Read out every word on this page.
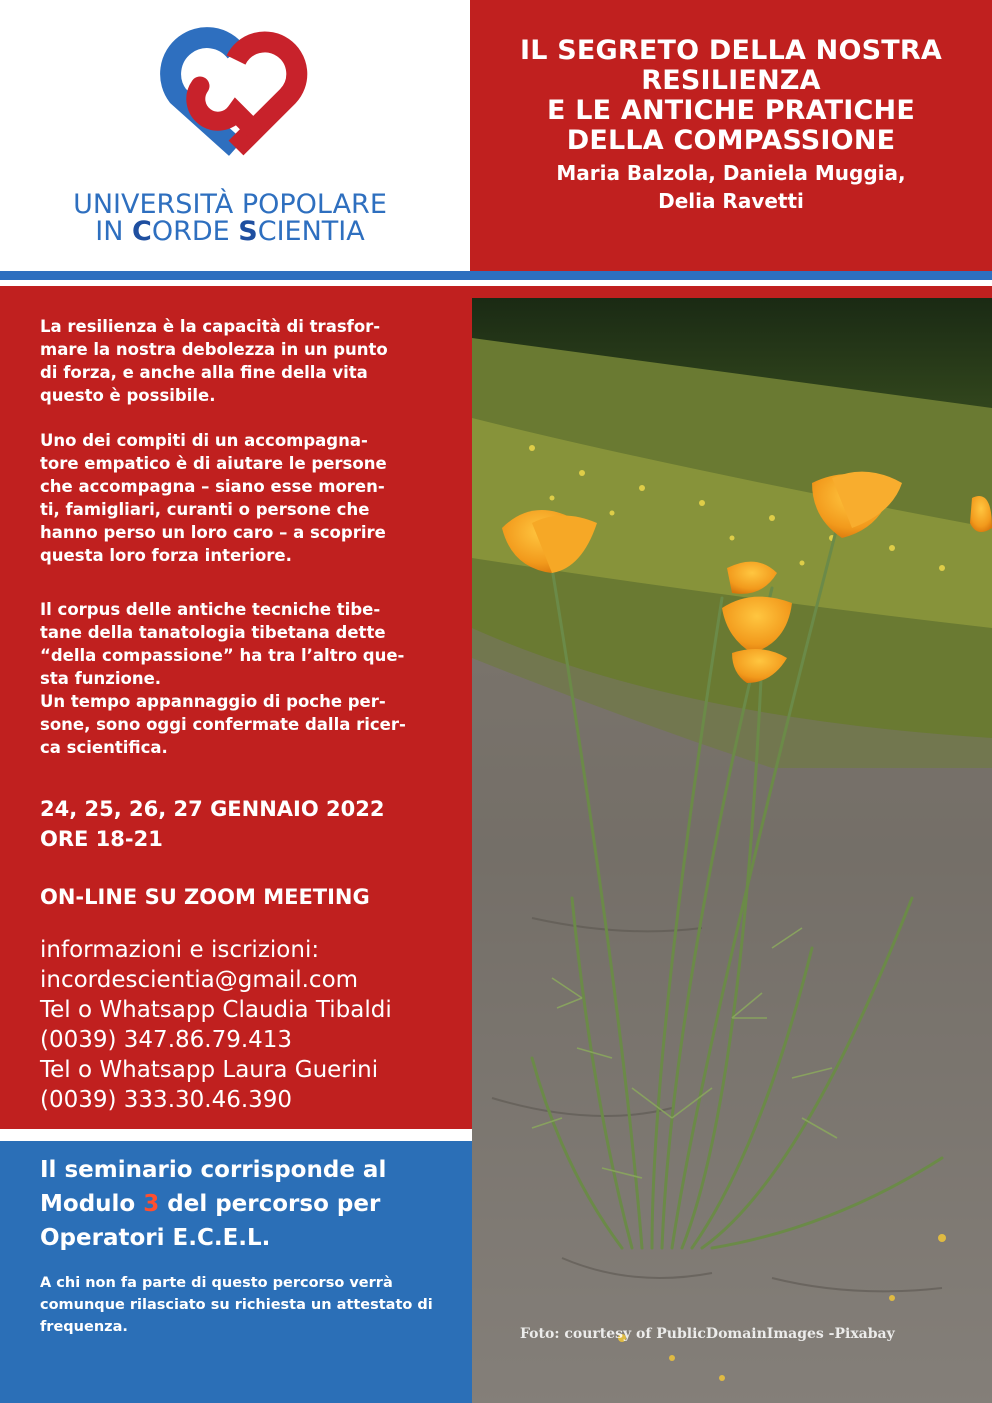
UNIVERSITÀ POPOLARE
IN CORDE SCIENTIA
IL SEGRETO DELLA NOSTRA
RESILIENZA
E LE ANTICHE PRATICHE
DELLA COMPASSIONE
Maria Balzola, Daniela Muggia,
Delia Ravetti
La resilienza è la capacità di trasfor-
mare la nostra debolezza in un punto
di forza, e anche alla fine della vita
questo è possibile.
Uno dei compiti di un accompagna-
tore empatico è di aiutare le persone
che accompagna – siano esse moren-
ti, famigliari, curanti o persone che
hanno perso un loro caro – a scoprire
questa loro forza interiore.
Il corpus delle antiche tecniche tibe-
tane della tanatologia tibetana dette
“della compassione” ha tra l’altro que-
sta funzione.
Un tempo appannaggio di poche per-
sone, sono oggi confermate dalla ricer-
ca scientifica.
24, 25, 26, 27 GENNAIO 2022
ORE 18-21
ON-LINE SU ZOOM MEETING
informazioni e iscrizioni:
incordescientia@gmail.com
Tel o Whatsapp Claudia Tibaldi
(0039) 347.86.79.413
Tel o Whatsapp Laura Guerini
(0039) 333.30.46.390
Il seminario corrisponde al
Modulo 3 del percorso per
Operatori E.C.E.L.
A chi non fa parte di questo percorso verrà
comunque rilasciato su richiesta un attestato di
frequenza.	Foto: courtesy of PublicDomainImages -Pixabay
